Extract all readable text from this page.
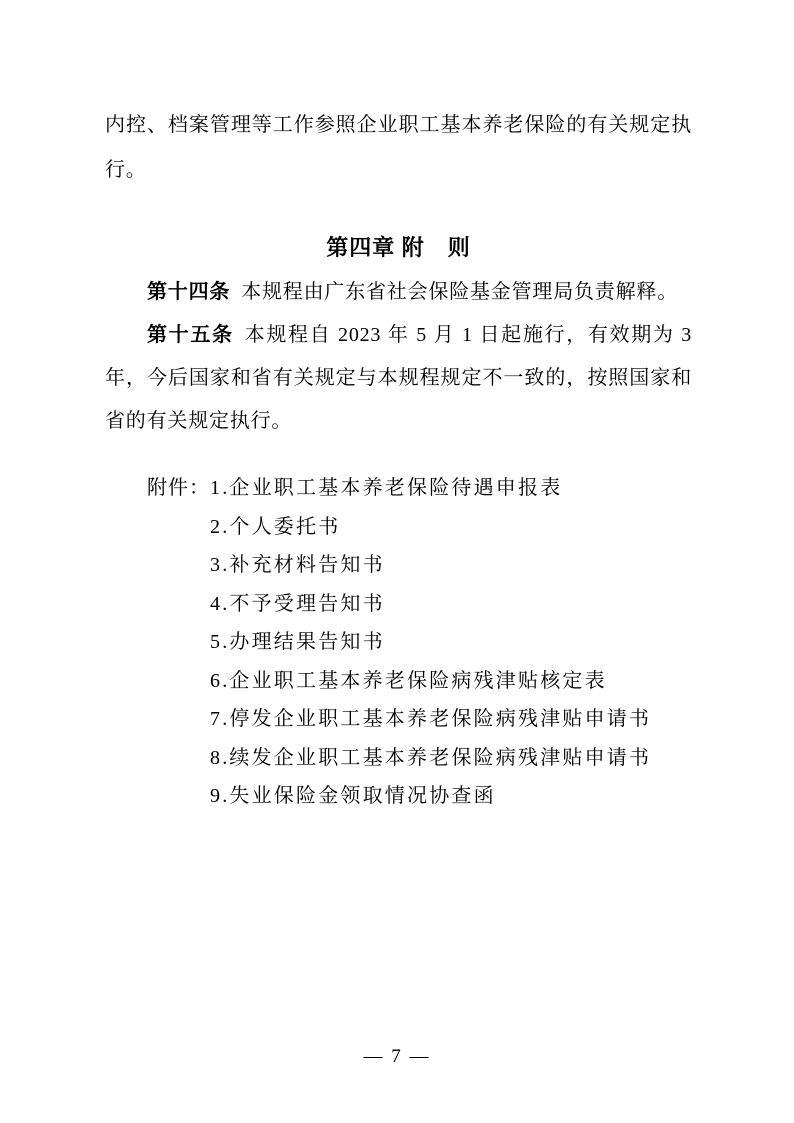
内控、档案管理等工作参照企业职工基本养老保险的有关规定执行。

第四章 附　则

第十四条 本规程由广东省社会保险基金管理局负责解释。

第十五条 本规程自 2023 年 5 月 1 日起施行，有效期为 3 年，今后国家和省有关规定与本规程规定不一致的，按照国家和省的有关规定执行。

附件： 1.企业职工基本养老保险待遇申报表
2.个人委托书
3.补充材料告知书
4.不予受理告知书
5.办理结果告知书
6.企业职工基本养老保险病残津贴核定表
7.停发企业职工基本养老保险病残津贴申请书
8.续发企业职工基本养老保险病残津贴申请书
9.失业保险金领取情况协查函
— 7 —
